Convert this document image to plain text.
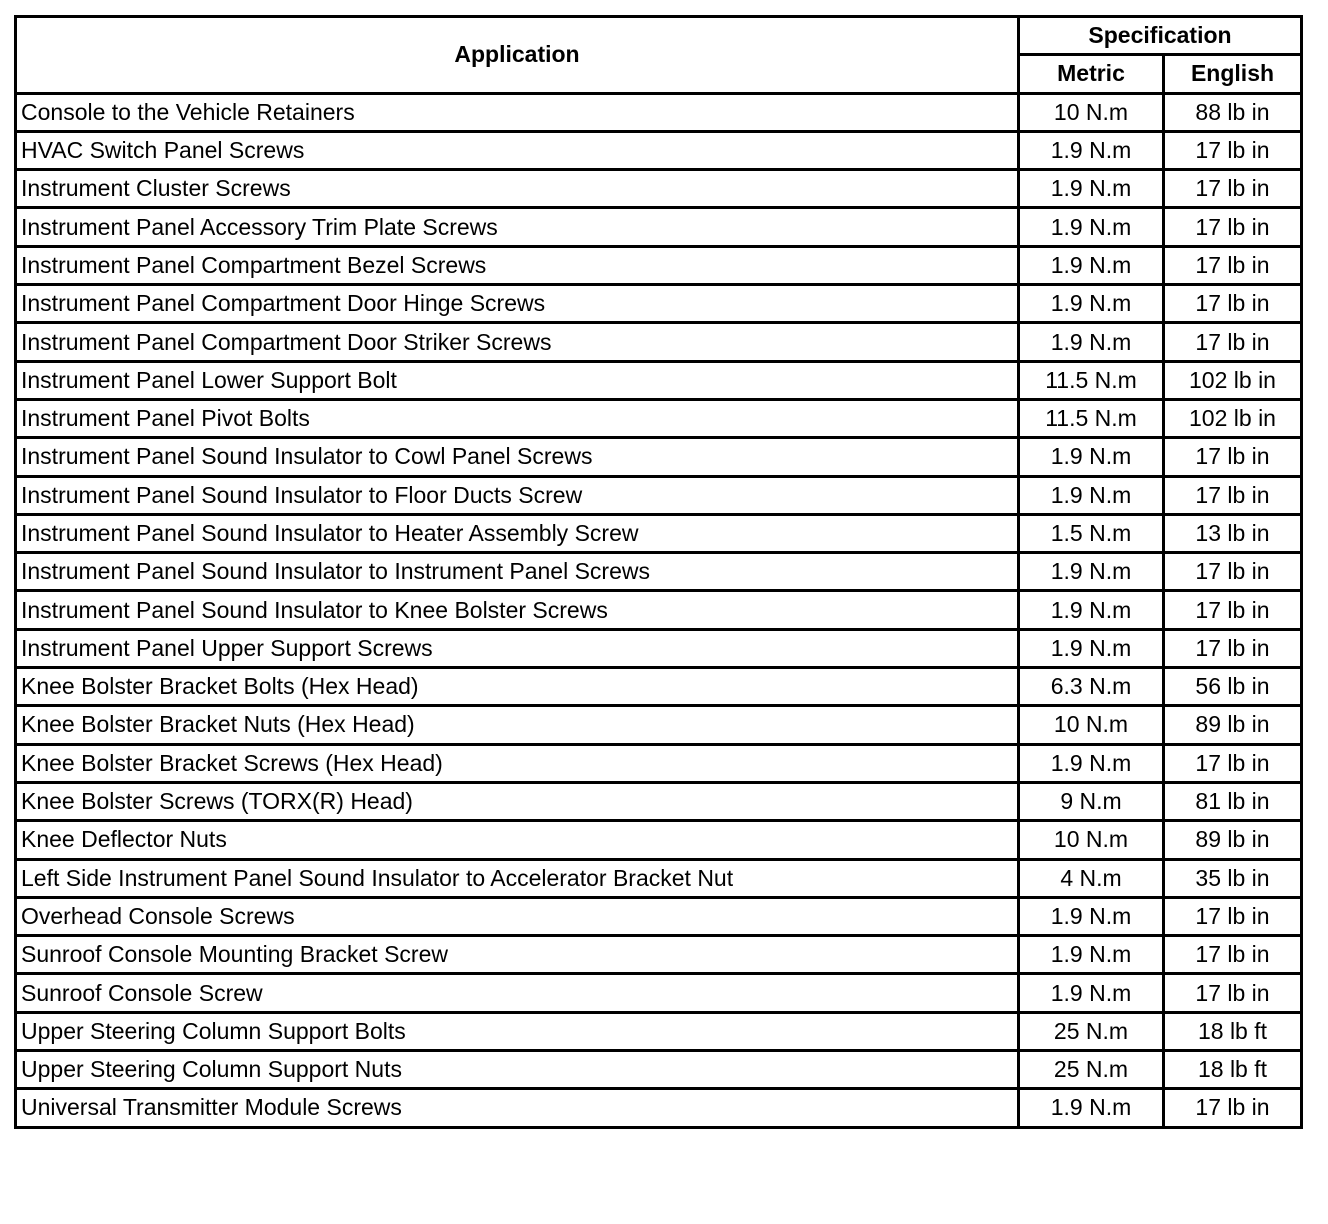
Application	Specification	
	Metric	English
Console to the Vehicle Retainers	10 N.m	88 lb in
HVAC Switch Panel Screws	1.9 N.m	17 lb in
Instrument Cluster Screws	1.9 N.m	17 lb in
Instrument Panel Accessory Trim Plate Screws	1.9 N.m	17 lb in
Instrument Panel Compartment Bezel Screws	1.9 N.m	17 lb in
Instrument Panel Compartment Door Hinge Screws	1.9 N.m	17 lb in
Instrument Panel Compartment Door Striker Screws	1.9 N.m	17 lb in
Instrument Panel Lower Support Bolt	11.5 N.m	102 lb in
Instrument Panel Pivot Bolts	11.5 N.m	102 lb in
Instrument Panel Sound Insulator to Cowl Panel Screws	1.9 N.m	17 lb in
Instrument Panel Sound Insulator to Floor Ducts Screw	1.9 N.m	17 lb in
Instrument Panel Sound Insulator to Heater Assembly Screw	1.5 N.m	13 lb in
Instrument Panel Sound Insulator to Instrument Panel Screws	1.9 N.m	17 lb in
Instrument Panel Sound Insulator to Knee Bolster Screws	1.9 N.m	17 lb in
Instrument Panel Upper Support Screws	1.9 N.m	17 lb in
Knee Bolster Bracket Bolts (Hex Head)	6.3 N.m	56 lb in
Knee Bolster Bracket Nuts (Hex Head)	10 N.m	89 lb in
Knee Bolster Bracket Screws (Hex Head)	1.9 N.m	17 lb in
Knee Bolster Screws (TORX(R) Head)	9 N.m	81 lb in
Knee Deflector Nuts	10 N.m	89 lb in
Left Side Instrument Panel Sound Insulator to Accelerator Bracket Nut	4 N.m	35 lb in
Overhead Console Screws	1.9 N.m	17 lb in
Sunroof Console Mounting Bracket Screw	1.9 N.m	17 lb in
Sunroof Console Screw	1.9 N.m	17 lb in
Upper Steering Column Support Bolts	25 N.m	18 lb ft
Upper Steering Column Support Nuts	25 N.m	18 lb ft
Universal Transmitter Module Screws	1.9 N.m	17 lb in
